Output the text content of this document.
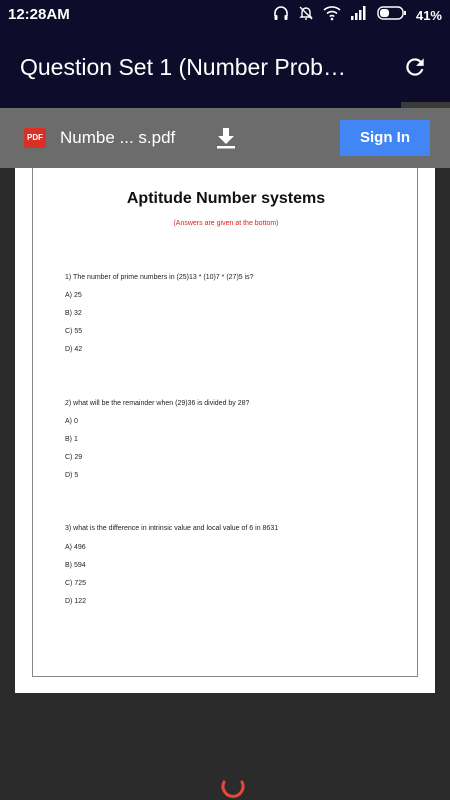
12:28AM	41%
Question Set 1 (Number Prob…
PDF Numbe ... s.pdf	Sign In
Aptitude Number systems
(Answers are given at the bottom)
1) The number of prime numbers in (25)13 * (10)7 * (27)5 is?
A) 25
B) 32
C) 55
D) 42
2) what will be the remainder when (29)36 is divided by 28?
A) 0
B) 1
C) 29
D) 5
3) what is the difference in intrinsic value and local value of 6 in 8631
A) 496
B) 594
C) 725
D) 122
